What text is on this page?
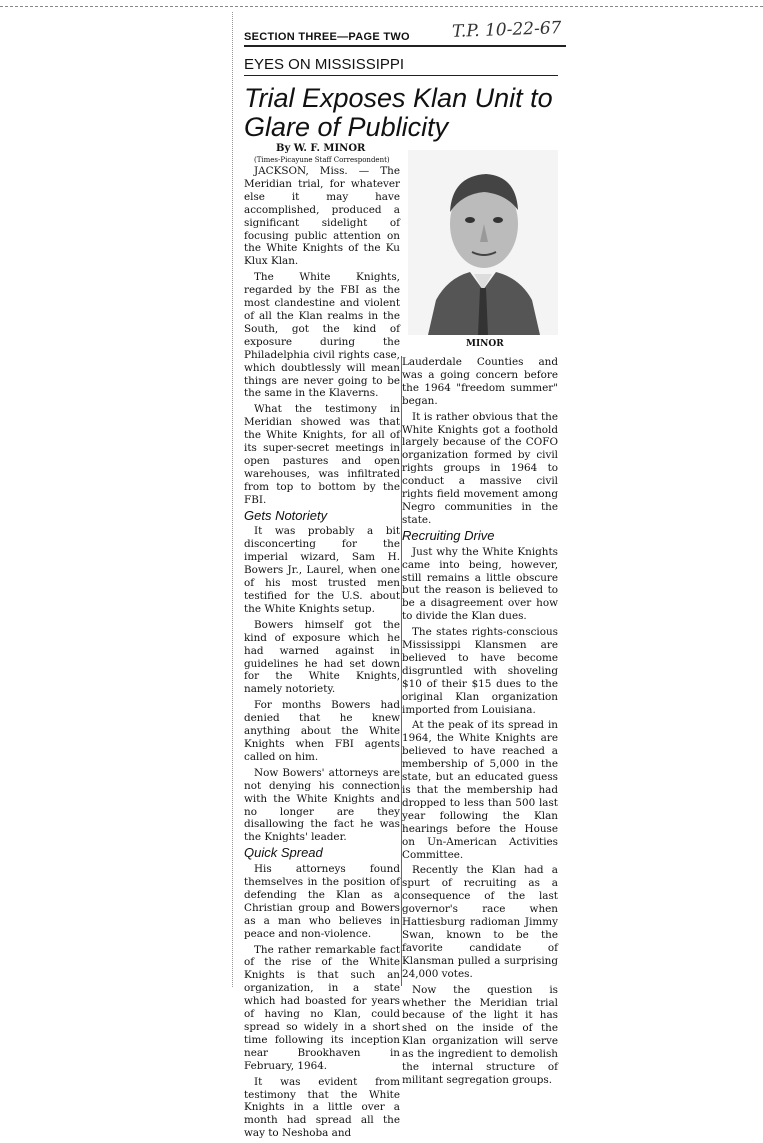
SECTION THREE—PAGE TWO	T.P. 10-22-67
EYES ON MISSISSIPPI
Trial Exposes Klan Unit to Glare of Publicity
By W. F. MINOR
(Times-Picayune Staff Correspondent)

JACKSON, Miss. — The Meridian trial, for whatever else it may have accomplished, produced a significant sidelight of focusing public attention on the White Knights of the Ku Klux Klan.

The White Knights, regarded by the FBI as the most clandestine and violent of all the Klan realms in the South, got the kind of exposure during the Philadelphia civil rights case, which doubtlessly will mean things are never going to be the same in the Klaverns.

What the testimony in Meridian showed was that the White Knights, for all of its super-secret meetings in open pastures and open warehouses, was infiltrated from top to bottom by the FBI.

Gets Notoriety

It was probably a bit disconcerting for the imperial wizard, Sam H. Bowers Jr., Laurel, when one of his most trusted men testified for the U.S. about the White Knights setup.

Bowers himself got the kind of exposure which he had warned against in guidelines he had set down for the White Knights, namely notoriety.

For months Bowers had denied that he knew anything about the White Knights when FBI agents called on him.

Now Bowers' attorneys are not denying his connection with the White Knights and no longer are they disallowing the fact he was the Knights' leader.

Quick Spread

His attorneys found themselves in the position of defending the Klan as a Christian group and Bowers as a man who believes in peace and non-violence.

The rather remarkable fact of the rise of the White Knights is that such an organization, in a state which had boasted for years of having no Klan, could spread so widely in a short time following its inception near Brookhaven in February, 1964.

It was evident from testimony that the White Knights in a little over a month had spread all the way to Neshoba and

MINOR

Lauderdale Counties and was a going concern before the 1964 "freedom summer" began.

It is rather obvious that the White Knights got a foothold largely because of the COFO organization formed by civil rights groups in 1964 to conduct a massive civil rights field movement among Negro communities in the state.

Recruiting Drive

Just why the White Knights came into being, however, still remains a little obscure but the reason is believed to be a disagreement over how to divide the Klan dues.

The states rights-conscious Mississippi Klansmen are believed to have become disgruntled with shoveling $10 of their $15 dues to the original Klan organization imported from Louisiana.

At the peak of its spread in 1964, the White Knights are believed to have reached a membership of 5,000 in the state, but an educated guess is that the membership had dropped to less than 500 last year following the Klan hearings before the House on Un-American Activities Committee.

Recently the Klan had a spurt of recruiting as a consequence of the last governor's race when Hattiesburg radioman Jimmy Swan, known to be the favorite candidate of Klansman pulled a surprising 24,000 votes.

Now the question is whether the Meridian trial because of the light it has shed on the inside of the Klan organization will serve as the ingredient to demolish the internal structure of militant segregation groups.
